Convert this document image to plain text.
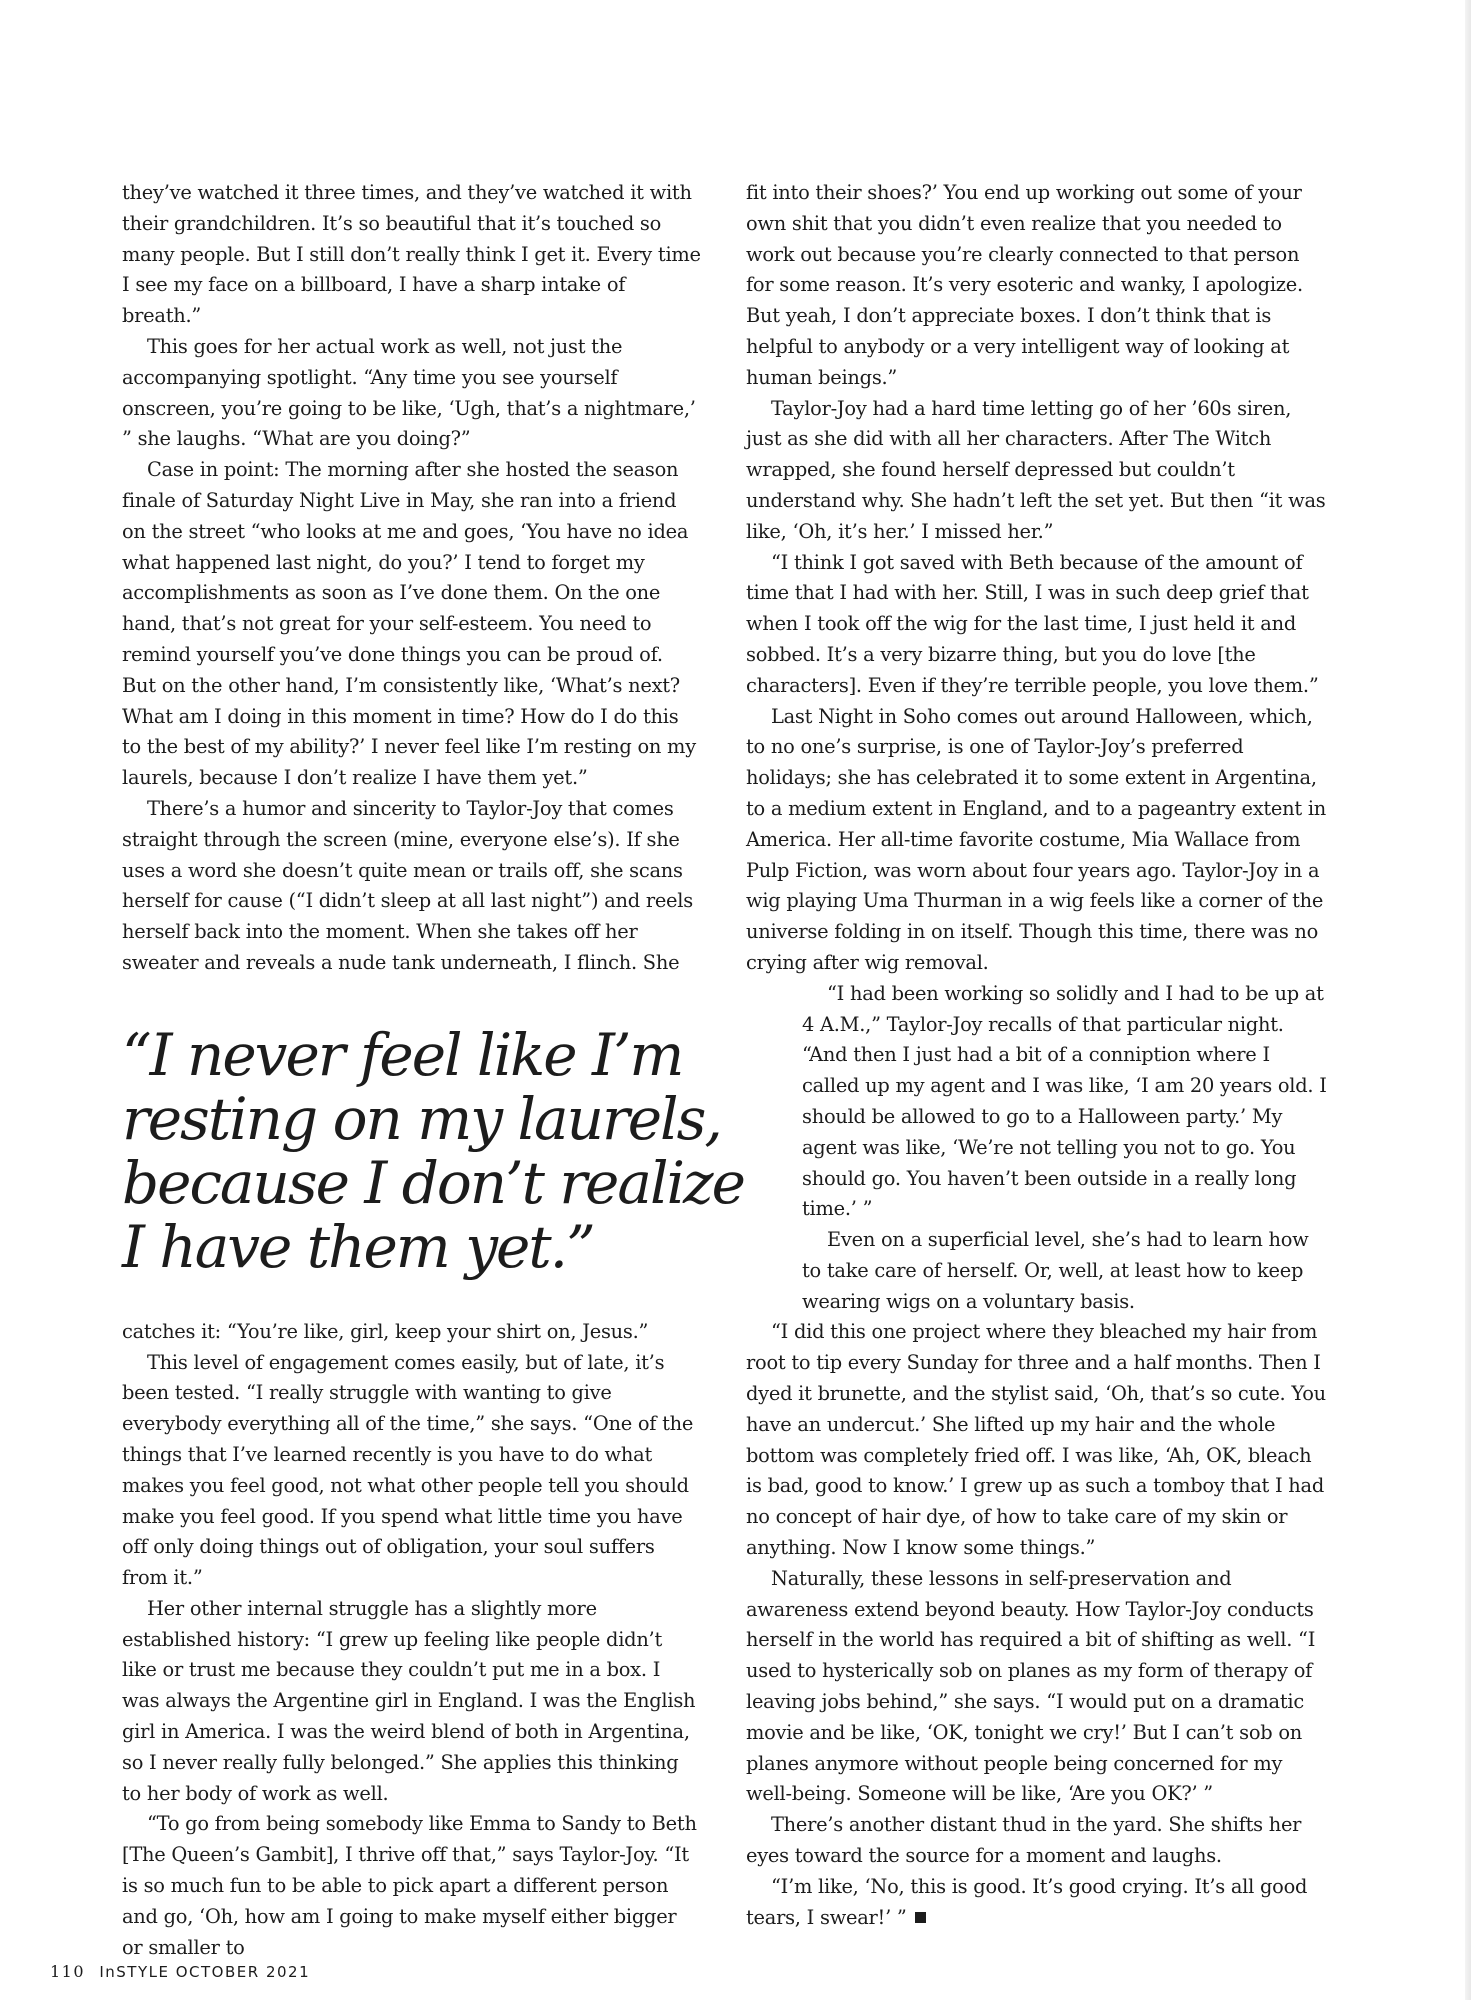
they’ve watched it three times, and they’ve watched it with their grandchildren. It’s so beautiful that it’s touched so many people. But I still don’t really think I get it. Every time I see my face on a billboard, I have a sharp intake of breath.”

This goes for her actual work as well, not just the accompanying spotlight. “Any time you see yourself onscreen, you’re going to be like, ‘Ugh, that’s a nightmare,’ ” she laughs. “What are you doing?”

Case in point: The morning after she hosted the season finale of Saturday Night Live in May, she ran into a friend on the street “who looks at me and goes, ‘You have no idea what happened last night, do you?’ I tend to forget my accomplishments as soon as I’ve done them. On the one hand, that’s not great for your self-esteem. You need to remind yourself you’ve done things you can be proud of. But on the other hand, I’m consistently like, ‘What’s next? What am I doing in this moment in time? How do I do this to the best of my ability?’ I never feel like I’m resting on my laurels, because I don’t realize I have them yet.”

There’s a humor and sincerity to Taylor-Joy that comes straight through the screen (mine, everyone else’s). If she uses a word she doesn’t quite mean or trails off, she scans herself for cause (“I didn’t sleep at all last night”) and reels herself back into the moment. When she takes off her sweater and reveals a nude tank underneath, I flinch. She

“I never feel like I’m resting on my laurels, because I don’t realize I have them yet.”

catches it: “You’re like, girl, keep your shirt on, Jesus.”

This level of engagement comes easily, but of late, it’s been tested. “I really struggle with wanting to give everybody everything all of the time,” she says. “One of the things that I’ve learned recently is you have to do what makes you feel good, not what other people tell you should make you feel good. If you spend what little time you have off only doing things out of obligation, your soul suffers from it.”

Her other internal struggle has a slightly more established history: “I grew up feeling like people didn’t like or trust me because they couldn’t put me in a box. I was always the Argentine girl in England. I was the English girl in America. I was the weird blend of both in Argentina, so I never really fully belonged.” She applies this thinking to her body of work as well.

“To go from being somebody like Emma to Sandy to Beth [The Queen’s Gambit], I thrive off that,” says Taylor-Joy. “It is so much fun to be able to pick apart a different person and go, ‘Oh, how am I going to make myself either bigger or smaller to

fit into their shoes?’ You end up working out some of your own shit that you didn’t even realize that you needed to work out because you’re clearly connected to that person for some reason. It’s very esoteric and wanky, I apologize. But yeah, I don’t appreciate boxes. I don’t think that is helpful to anybody or a very intelligent way of looking at human beings.”

Taylor-Joy had a hard time letting go of her ’60s siren, just as she did with all her characters. After The Witch wrapped, she found herself depressed but couldn’t understand why. She hadn’t left the set yet. But then “it was like, ‘Oh, it’s her.’ I missed her.”

“I think I got saved with Beth because of the amount of time that I had with her. Still, I was in such deep grief that when I took off the wig for the last time, I just held it and sobbed. It’s a very bizarre thing, but you do love [the characters]. Even if they’re terrible people, you love them.”

Last Night in Soho comes out around Halloween, which, to no one’s surprise, is one of Taylor-Joy’s preferred holidays; she has celebrated it to some extent in Argentina, to a medium extent in England, and to a pageantry extent in America. Her all-time favorite costume, Mia Wallace from Pulp Fiction, was worn about four years ago. Taylor-Joy in a wig playing Uma Thurman in a wig feels like a corner of the universe folding in on itself. Though this time, there was no crying after wig removal.

“I had been working so solidly and I had to be up at 4 A.M.,” Taylor-Joy recalls of that particular night. “And then I just had a bit of a conniption where I called up my agent and I was like, ‘I am 20 years old. I should be allowed to go to a Halloween party.’ My agent was like, ‘We’re not telling you not to go. You should go. You haven’t been outside in a really long time.’ ”

Even on a superficial level, she’s had to learn how to take care of herself. Or, well, at least how to keep wearing wigs on a voluntary basis.

“I did this one project where they bleached my hair from root to tip every Sunday for three and a half months. Then I dyed it brunette, and the stylist said, ‘Oh, that’s so cute. You have an undercut.’ She lifted up my hair and the whole bottom was completely fried off. I was like, ‘Ah, OK, bleach is bad, good to know.’ I grew up as such a tomboy that I had no concept of hair dye, of how to take care of my skin or anything. Now I know some things.”

Naturally, these lessons in self-preservation and awareness extend beyond beauty. How Taylor-Joy conducts herself in the world has required a bit of shifting as well. “I used to hysterically sob on planes as my form of therapy of leaving jobs behind,” she says. “I would put on a dramatic movie and be like, ‘OK, tonight we cry!’ But I can’t sob on planes anymore without people being concerned for my well-being. Someone will be like, ‘Are you OK?’ ”

There’s another distant thud in the yard. She shifts her eyes toward the source for a moment and laughs.

“I’m like, ‘No, this is good. It’s good crying. It’s all good tears, I swear!’ ”

110 InSTYLE OCTOBER 2021
